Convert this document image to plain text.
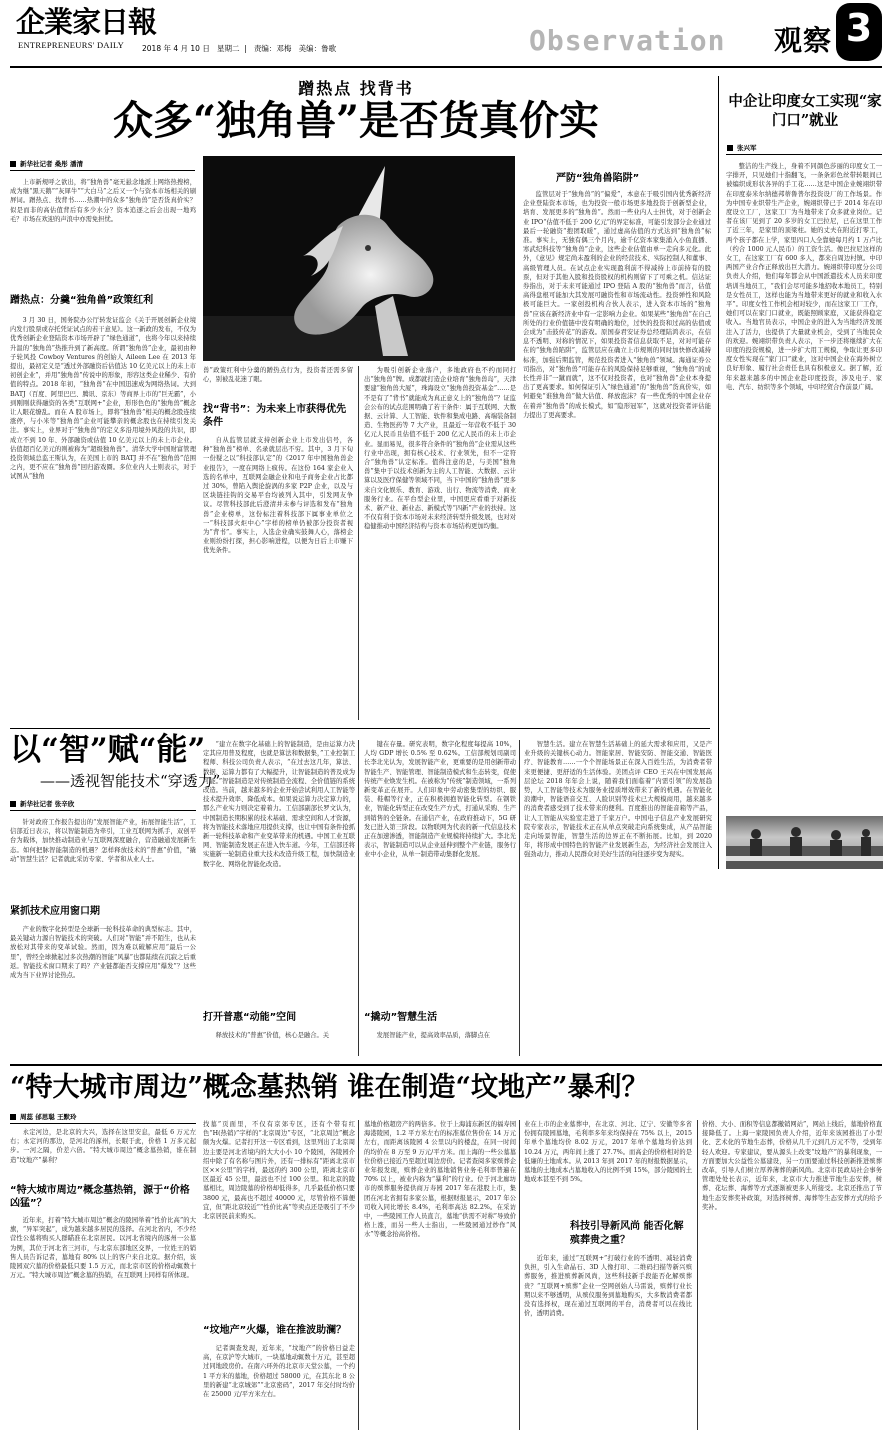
企業家日報
ENTREPRENEURS' DAILY 2018 年 4 月 10 日 星期二  |   责编：邓梅 美编：鲁歌	Observation 观察 3
蹭热点 找背书
众多“独角兽”是否货真价实
新华社记者 桑彤 潘清

上市新规呼之欲出，将“独角兽”毫无悬念地派上网络热搜榜，成为继“黑天鹅”“灰犀牛”“大白马”之后又一个与资本市场相关的刷屏词。蹭热点、找背书……热潮中的众多“独角兽”是否货真价实？似是而非的高估值背后有多少水分？资本追逐之后会出现一地鸡毛？市场在欢迎的声浪中亦需免担忧。

蹭热点：分羹“独角兽”政策红利

3 月 30 日，国务院办公厅转发证监会《关于开展创新企业境内发行股票或存托凭证试点的若干意见》。这一新政的发布，不仅为优秀创新企业登陆资本市场开辟了“绿色通道”，也将今年以来持续升温的“独角兽”热推升到了新高度。所谓“独角兽”企业，最初由种子轮风投 Cowboy Ventures 的创始人 Aileen Lee 在 2013 年提出，最初定义是“透过外部融资后估值达 10 亿美元以上的未上市初创企业”，并用“独角兽”传说中的形象，形容这类企业稀少、有价值的特点。2018 年初，“独角兽”在中国迅速成为网络热词。大到 BATJ（百度、阿里巴巴、腾讯、京东）等商界上市的“巨无霸”，小到刚刚获得融资的各类“互联网+”企业，形形色色的“独角兽”概念让人眼花缭乱。而在 A 股市场上，即将“独角兽”相关的概念股连续涨停，与小米等“独角兽”企业可能攀亲的概念股也在持续引发关注。事实上，业界对于“独角兽”的定义多沿用境外风投的共识，即成立不到 10 年、外部融资或估值 10 亿美元以上的未上市企业。估值超百亿美元的则被称为“超级独角兽”。清华大学中国财富管理投资领域总监王斯认为，在美国上市的 BATJ 并不在“独角兽”范围之内，更不应在“独角兽”回归游戏圈。多位业内人士则表示，对于试图从“独角

兽”政策红利中分羹的蹭热点行为，投资者还需多留心，别被乱花迷了眼。

找“背书”：为未来上市获得优先条件

自从监管层就支持创新企业上市发出信号，各种“独角兽”榜单、名录就层出不穷。其中，3 月下旬一份疑之以“科技部认定”的《2017 年中国独角兽企业报告》，一度在网络上疯传。在这份 164 家企业入选的名单中，互联网金融企业和电子商务企业占比都过 30%，曾陷入舆论旋涡的多家 P2P 企业，以及与区块链挂钩的交易平台均被列入其中，引发网友争议。尽管科技部此后澄清并未参与评选和发布“独角兽”企业榜单，这份标注着科技部下属事业单位之一“科技部火炬中心”字样的榜单仍被部分投资者视为“背书”。事实上，入选企业确实鼓舞人心，落榜企业则纷纷打探，担心影响进程，以便为日后上市赚下优先条件。

为吸引创新企业落户，多地政府也不约而同打出“独角兽”牌。成都就打造企业培育“独角兽岛”，天津要建“独角兽大厦”，珠海设立“独角兽投资基金”……是不是有了“背书”就能成为真正意义上的“独角兽”？证监会公布的试点范围明确了若干条件：属于互联网、大数据、云计算、人工智能、软件和集成电路、高端装备制造、生物医药等 7 大产业，且最近一年营收不低于 30 亿元人民币且估值不低于 200 亿元人民币的未上市企业。显而易见，很多符合条件的“独角兽”企业需从这些行业中出现，拥有核心技术、行业领先，但不一定符合“独角兽”认定标准。值得注意的是，与美国“独角兽”集中于以技术创新为主的人工智能、大数据、云计算以及医疗保健等领域不同，当下中国的“独角兽”更多来自文化娱乐、教育、游戏、出行、物流等消费、商业服务行业。在平台型企业里，中国更应看重于对新技术、新产业、新业态、新模式等“四新”产业的扶持。这不仅有利于资本市场对未来经济转型升级发展，也对对稳健推动中国经济结构与资本市场结构更加均衡。

严防“独角兽陷阱”

监管层对于“独角兽”的“偏爱”，本意在于吸引国内优秀新经济企业登陆资本市场，也为投资一般市场更多地投资于创新型企业，培育、发展更多的“独角兽”。然而一些业内人士担忧，对于创新企业 IPO“估值不低于 200 亿元”的界定标准，可能引发部分企业通过最后一轮融资“抱团取暖”，通过虚高估值的方式达到“独角兽”标准。事实上，无独有偶三个月内，逾千亿资本家集涌入小鱼直播、寒武纪科技等“独角兽”企业，这些企业估值由单一走向多元化。此外，《意见》规定尚未盈利的企业的经营技术、实际控制人和董事、高级管理人员。在试点企业实现盈利前不得减持上市前持有的股票，但对于其他入股和投资股权的机构则留下了可乘之机。信达证券指出，对于未来可能通过 IPO 登陆 A 股的“独角兽”而言，估值高得盘根可能加大其发展可融资性和市场流动性。投资弹性和风险极可能巨大。一家创投机构合伙人表示，进入资本市场的“独角兽”应该在新经济业中有一定影响力企业。如果某些“独角兽”在自己所处的行业价值链中没有明确的地位，过快的投资和过高的估值或会成为“击鼓传花”的游戏。原国泰君安证券总经理陆鸿表示，在信息不透明、对称的情况下，如果投资者信息获取不足，对对可能存在的“独角兽陷阱”，监管层应在确立上市规则的同时加快修改减持标准，加强后期监管，规范投资者进入“独角兽”领域。海通证券公司指出，对“独角兽”可能存在的风险保持足够重视，“独角兽”的成长性并非“一蹴而就”，这不仅对投资者，也对“独角兽”企业本身提出了更高要求。如何保证引入“绿色通道”的“独角兽”货真价实，如何避免“谁独角兽”做大估值、释放泡沫？有一些优秀的中国企业存在着并“独角兽”的成长模式，如“隐形冠军”，这就对投资者评估能力提出了更高要求。

中企让印度女工实现“家门口”就业
张兴军

整洁的生产线上，身着不同颜色莎丽的印度女工一字排开，只见她们十指翻飞，一条条彩色丝带转眼间已被编织成形状各异的手工花……这是中国企业婉翊织带在印度泰米尔纳德邦蒂鲁普尔投资设厂的工作场景。作为中国专业织带生产企业，婉翊织带已于 2014 年在印度设立工厂，这家工厂为当地带来了众多就业岗位。记者在该厂见到了 20 多岁的女工巴拉尼，已在这里工作了近三年，是家里的顶梁柱。她的丈夫在附近打零工，两个孩子都在上学，家里四口人全靠她每月约 1 万卢比（约合 1000 元人民币）的工资生活。像巴拉尼这样的女工，在这家工厂有 600 多人，都来自周边村镇。中印两国产业合作正释放出巨大潜力。婉翊织带印度分公司负责人介绍，他们每年都会从中国派遣技术人员来印度培训当地员工，“我们会尽可能多地招收本地员工，特别是女性员工，这样也能为当地带来更好的就业和收入水平”。印度女性工作机会相对较少，而在这家工厂工作，她们可以在家门口就业，既能照顾家庭，又能获得稳定收入。当地官员表示，中国企业的进入为当地经济发展注入了活力，也提供了大量就业机会，受到了当地民众的欢迎。婉翊织带负责人表示，下一步还将继续扩大在印度的投资规模，进一步扩大用工规模，争取让更多印度女性实现在“家门口”就业，这对中国企业在海外树立良好形象、履行社会责任也具有积极意义。据了解，近年来越来越多的中国企业赴印度投资，涉及电子、家电、汽车、纺织等多个领域，中印经贸合作前景广阔。

以“智”赋“能”
——透视智能技术“穿透力”
新华社记者 张辛欣

针对政府工作报告提出的“发展智能产业，拓展智能生活”，工信部近日表示，将以智能制造为牵引，工业互联网为抓手，双创平台为载体，加快推动制造业与互联网深度融合，营造融通发展新生态。如何把脉智能制造的机遇？怎样释放技术的“普惠”价值，“撬动”智慧生活？记者就此采访专家、学者和从业人士。

紧抓技术应用窗口期

产业的数字化转型是全球新一轮科技革命的典型标志。其中，最关键动力源自智能技术的突破。人们对“智能”并不陌生，也从未放松对其带来的变革试验。然而，因为难以破解应用“最后一公里”，曾经全球掀起过多次热潮的智能“风暴”也都陆续在沉寂之后重返。智能技术窗口期来了吗？产业链都能否支撑应用“爆发”？这些成为当下业界讨论热点。

“建立在数字化基础上的智能制造，是由运算力决定其应用普及程度，也就是算法和数据集，”工业控制工程师、科技公司负责人表示，“在过去这几年，算法、数据、运算力都有了大幅提升，让智能制造的普及成为可能。”智能制造是对传统制造全流程、全价值链的系统改造。当前，越来越多的企业开始尝试利用人工智能等技术提升效率、降低成本。如果说运算力决定算力的，那么产业实力则决定着着力。工信部副部长罗文认为，中国制造长期积累的技术基础、需求空间和人才资源，将为智能技术落地应用提供支撑，也让中国有条件抢抓新一轮科技革命和产业变革带来的机遇。中国工业互联网、智能制造发展正在进入快车道。今年，工信部还将实施新一轮制造业重大技术改造升级工程，加快制造业数字化、网络化智能化改造。

打开普惠“动能”空间

释放技术的“普惠”价值，核心是融合。关

键在存量。研究表明，数字化程度每提高 10%，人均 GDP 增长 0.5% 至 0.62%。工信部规划司副司长李北光认为，发展智能产业，更重要的是用创新带动智能生产、智能管理、智能制造模式和生态转变，促使传统产业焕发生机。在被称为“传统”制造领域，一系列新变革正在展开。人们印象中劳动密集型的纺织、服装、鞋帽等行业，正在积极拥抱智能化转型。在钢铁业，智能化转型正在改变生产方式，打通从采购、生产到销售的全链条。在通信产业，在政府推动下，5G 研发已进入第三阶段。以物联网为代表的新一代信息技术正在加速渗透，智能制造产业规模将持续扩大。李北光表示，智能制造可以从企业延伸到整个产业链，服务行业中小企业，从单一制造带动集群化发展。

“撬动”智慧生活

发展智能产业，提高效率品质，落脚点在

智慧生活。建立在智慧生活基础上的延大需求和应用，又是产业升级的关键核心动力。智能家居、智能安防、智能交通、智能医疗、智能教育……一个个智能场景正在深入百姓生活，为消费者带来更便捷、更舒适的生活体验。美团点评 CEO 王兴在中国发展高层论坛 2018 年年会上说，随着我们面临着“内需引领”的发展趋势，人工智能等技术为服务业提质增效带来了新的机遇。在智能化浪潮中，智能语音交互、人脸识别等技术已大规模商用，越来越多的消费者感受到了技术带来的便利。百度推出的智能音箱等产品，让人工智能从实验室走进了千家万户。中国电子信息产业发展研究院专家表示，智能技术正在从单点突破走向系统集成，从产品智能走向场景智能，智慧生活的边界正在不断拓展。比如，到 2020 年，将形成中国特色的智能产业发展新生态，为经济社会发展注入强劲动力，推动人民群众对美好生活的向往逐步变为现实。

“特大城市周边”概念墓热销 谁在制造“坟地产”暴利？
周蕊 邰思聪 王默玲

永定河边，是北京的大兴，选择在这里安息，最低 6 万元左右；永定河的那边，是河北的涿州，长眠于此，价格 1 万多元起步。一河之隔，价差六倍。“特大城市周边”概念墓热销，谁在制造“坟地产”暴利？

“特大城市周边”概念墓热销，源于“价格凶猛”？

近年来，打着“特大城市周边”概念的陵园举着“性价比高”的大旗，“异军突起”，成为越来越多居民的选择。在河北省内，不少经营性公墓将购买人群瞄准在北京居民。以河北省境内的涿州一公墓为例，其位于河北省三河市，与北京东部地区交界，一位姓王的销售人员告诉记者，墓地有 80% 以上的客户来自北京。据介绍，该陵园双穴墓的价格最低只要 1.5 万元，而北京市区的价格动辄数十万元。“特大城市周边”概念墓的热销，在互联网上同样有所体现。

找墓”页面里，不仅有京郊专区，还有个带有红色“H(热销)”字样的“北京周边”专区，“北京周边”概念颇为火爆。记者打开这一专区看到，这里列出了北京周边主要是河北省境内的大大小小 10 个陵园，各陵园介绍中除了有名称与图片外，还有一排标有“距离北京市区××公里”的字样，最远的约 300 公里，距离北京市区最近 45 公里，最远也不过 100 公里。和北京的陵墓相比，周边陵墓的价格却低得多，几乎最低价格只要 3800 元，最高也不超过 40000 元，尽管价格不算便宜，但“距北京较近”“性价比高”等卖点还是吸引了不少北京居民前来购买。

“坟地产”火爆，谁在推波助澜？

记者调查发现，近年来，“坟地产”的价格日益走高，在京沪等大城市，一块墓地动辄数十万元，甚至超过同地段房价。在南六环外的北京市天堂公墓，一个约 1 平方米的墓地，价格超过 58000 元，在其东北 8 公里的新建“北京城郊”“北京密码”，2017 年交付时均价在 25000 元/平方米左右。

墓地价格超房产的两倍多。位于上海浦东新区的福寿园海港陵园，1.2 平方米左右的标准墓位售价在 14 万元左右，而距离该陵园 4 公里以内的楼盘，在同一时间的均价在 8 万至 9 万元/平方米。而上海的一些公墓墓位价格已接近乃至超过周边房价。记者查阅多家殡葬企业年报发现，殡葬企业的墓地销售业务毛利率普遍在 70% 以上，被业内称为“暴利”的行业。位于河北廊坊市的殡葬服务提供商万寿园 2017 年在港股上市，集团在河北省拥有多家公墓，根据财报显示，2017 年公司收入同比增长 8.4%，毛利率高达 82.2%。在采访中，一些陵园工作人员直言，墓地“供需不对称”导致价格上涨，而另一些人士指出，一些陵园通过炒作“风水”等概念抬高价格。

业在上市的企业墓葬中，在北京、河北、辽宁、安徽等多省份拥有陵园墓地，毛利率多年来均保持在 75% 以上，2015 年单个墓地均价 8.02 万元，2017 年单个墓地均价达到 10.24 万元，两年间上涨了 27.7%。而高企的价格相对的是低廉的土地成本。从 2013 年到 2017 年的财报数据显示，墓地的土地成本占墓地收入的比例不到 15%，部分陵园的土地成本甚至不到 5%。

科技引导新风尚 能否化解殡葬贵之重？

近年来，通过“互联网+”打破行业的不透明、减轻消费负担，引入生命晶石、3D 人像打印、二维码扫描等新兴殡葬服务，推进殡葬新风尚，这些科技新手段能否化解殡葬贵？“互联网+殡葬”企业一空网创始人马雷说，殡葬行业长期以来不够透明，从殡仪服务到墓地购买，大多数消费者都没有选择权，现在通过互联网的平台，消费者可以在线比价，透明消费。

价格、大小、面积等信息都撤销网站”，网站上线后，墓地价格直接降低了。上海一家陵园负责人介绍，近年来该园推出了小型化、艺术化的节地生态葬，价格从几千元到几万元不等，受到年轻人欢迎。专家建议，要从源头上改变“坟地产”的暴利现象，一方面要加大公益性公墓建设，另一方面要通过科技创新推进殡葬改革，引导人们树立厚养薄葬的新风尚。北京市民政局社会事务管理处处长表示，近年来，北京市大力推进节地生态安葬，树葬、花坛葬、海葬等方式逐渐被更多人所接受。北京还推出了节地生态安葬奖补政策，对选择树葬、海葬等生态安葬方式的给予奖补。
